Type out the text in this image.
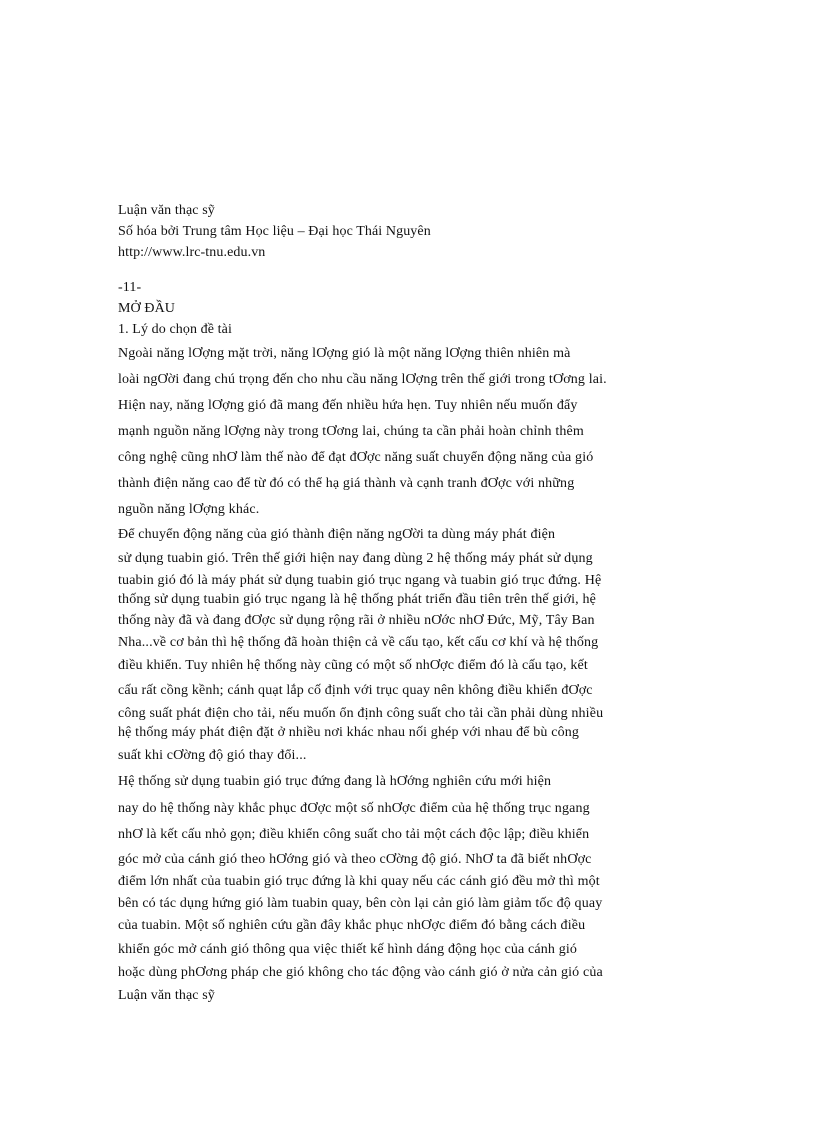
Luận văn thạc sỹ
Số hóa bởi Trung tâm Học liệu – Đại học Thái Nguyên
http://www.lrc-tnu.edu.vn
-11-
MỞ ĐẦU
1. Lý do chọn đề tài
Ngoài năng lƠợng mặt trời, năng lƠợng gió là một năng lƠợng thiên nhiên mà
loài ngƠời đang chú trọng đến cho nhu cầu năng lƠợng trên thế giới trong tƠơng lai.
Hiện nay, năng lƠợng gió đã mang đến nhiều hứa hẹn. Tuy nhiên nếu muốn đẩy
mạnh nguồn năng lƠợng này trong tƠơng lai, chúng ta cần phải hoàn chỉnh thêm
công nghệ cũng nhƠ làm thế nào để đạt đƠợc năng suất chuyển động năng của gió
thành điện năng cao để từ đó có thể hạ giá thành và cạnh tranh đƠợc với những
nguồn năng lƠợng khác.
Để chuyển động năng của gió thành điện năng ngƠời ta dùng máy phát điện
sử dụng tuabin gió. Trên thế giới hiện nay đang dùng 2 hệ thống máy phát sử dụng
tuabin gió đó là máy phát sử dụng tuabin gió trục ngang và tuabin gió trục đứng. Hệ
thống sử dụng tuabin gió trục ngang là hệ thống phát triển đầu tiên trên thế giới, hệ
thống này đã và đang đƠợc sử dụng rộng rãi ở nhiều nƠớc nhƠ Đức, Mỹ, Tây Ban
Nha...về cơ bản thì hệ thống đã hoàn thiện cả về cấu tạo, kết cấu cơ khí và hệ thống
điều khiển. Tuy nhiên hệ thống này cũng có một số nhƠợc điểm đó là cấu tạo, kết
cấu rất cồng kềnh; cánh quạt lắp cố định với trục quay nên không điều khiển đƠợc
công suất phát điện cho tải, nếu muốn ổn định công suất cho tải cần phải dùng nhiều
hệ thống máy phát điện đặt ở nhiều nơi khác nhau nối ghép với nhau để bù công
suất khi cƠờng độ gió thay đổi...
Hệ thống sử dụng tuabin gió trục đứng đang là hƠớng nghiên cứu mới hiện
nay do hệ thống này khắc phục đƠợc một số nhƠợc điểm của hệ thống trục ngang
nhƠ là kết cấu nhỏ gọn; điều khiển công suất cho tải một cách độc lập; điều khiển
góc mở của cánh gió theo hƠớng gió và theo cƠờng độ gió. NhƠ ta đã biết nhƠợc
điểm lớn nhất của tuabin gió trục đứng là khi quay nếu các cánh gió đều mở thì một
bên có tác dụng hứng gió làm tuabin quay, bên còn lại cản gió làm giảm tốc độ quay
của tuabin. Một số nghiên cứu gần đây khắc phục nhƠợc điểm đó bằng cách điều
khiển góc mở cánh gió thông qua việc thiết kế hình dáng động học của cánh gió
hoặc dùng phƠơng pháp che gió không cho tác động vào cánh gió ở nửa cản gió của
Luận văn thạc sỹ
